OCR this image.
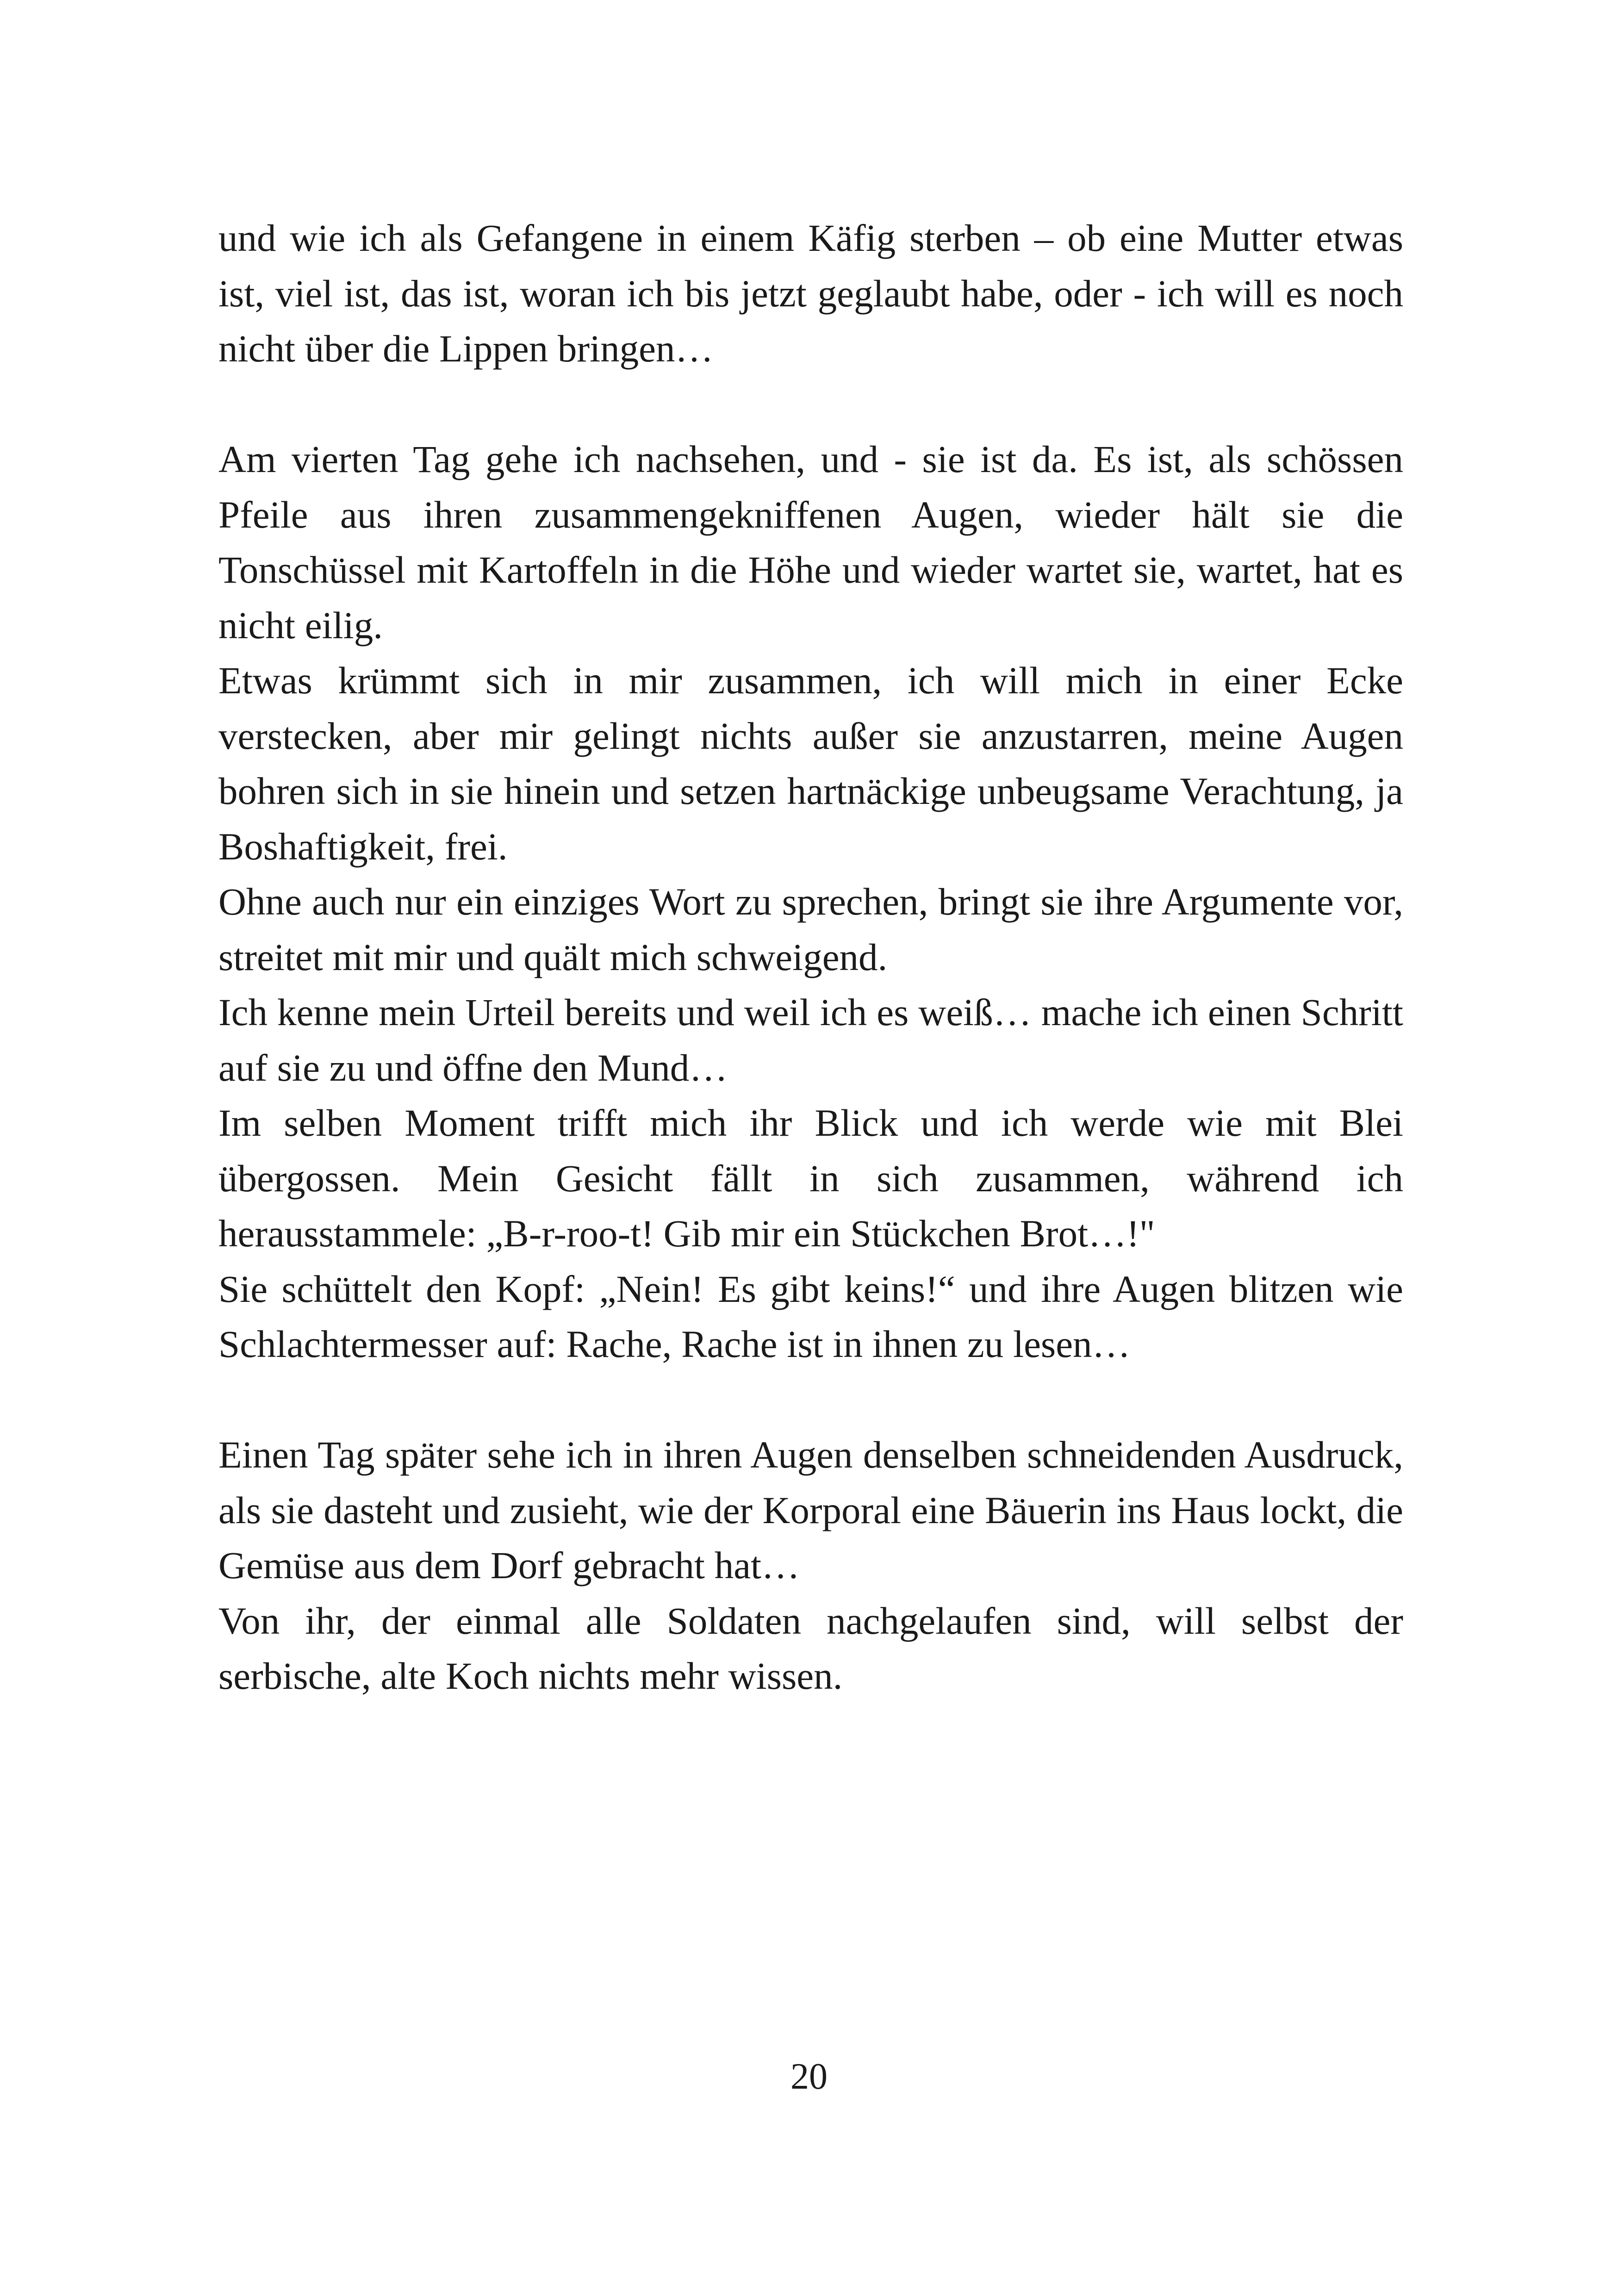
und wie ich als Gefangene in einem Käfig sterben – ob eine Mutter etwas ist, viel ist, das ist, woran ich bis jetzt geglaubt habe, oder - ich will es noch nicht über die Lippen bringen…

Am vierten Tag gehe ich nachsehen, und - sie ist da. Es ist, als schössen Pfeile aus ihren zusammengekniffenen Augen, wieder hält sie die Tonschüssel mit Kartoffeln in die Höhe und wieder wartet sie, wartet, hat es nicht eilig.

Etwas krümmt sich in mir zusammen, ich will mich in einer Ecke verstecken, aber mir gelingt nichts außer sie anzustarren, meine Augen bohren sich in sie hinein und setzen hartnäckige unbeugsame Verachtung, ja Boshaftigkeit, frei.

Ohne auch nur ein einziges Wort zu sprechen, bringt sie ihre Argumente vor, streitet mit mir und quält mich schweigend.

Ich kenne mein Urteil bereits und weil ich es weiß… mache ich einen Schritt auf sie zu und öffne den Mund…

Im selben Moment trifft mich ihr Blick und ich werde wie mit Blei übergossen. Mein Gesicht fällt in sich zusammen, während ich herausstammele: „B-r-roo-t! Gib mir ein Stückchen Brot…!"

Sie schüttelt den Kopf: „Nein! Es gibt keins!“ und ihre Augen blitzen wie Schlachtermesser auf: Rache, Rache ist in ihnen zu lesen…

Einen Tag später sehe ich in ihren Augen denselben schneidenden Ausdruck, als sie dasteht und zusieht, wie der Korporal eine Bäuerin ins Haus lockt, die Gemüse aus dem Dorf gebracht hat…

Von ihr, der einmal alle Soldaten nachgelaufen sind, will selbst der serbische, alte Koch nichts mehr wissen.

20
